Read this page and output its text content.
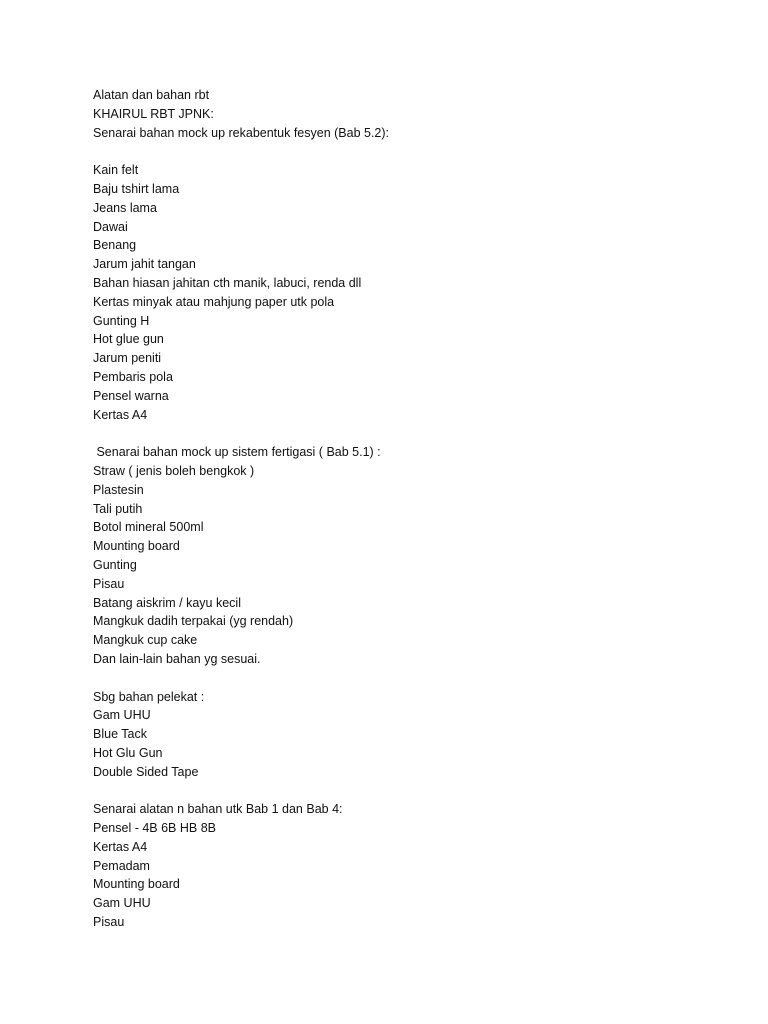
Alatan dan bahan rbt

KHAIRUL RBT JPNK:

Senarai bahan mock up rekabentuk fesyen (Bab 5.2):

Kain felt

Baju tshirt lama

Jeans lama

Dawai

Benang

Jarum jahit tangan

Bahan hiasan jahitan cth manik, labuci, renda dll

Kertas minyak atau mahjung paper utk pola

Gunting H

Hot glue gun

Jarum peniti

Pembaris pola

Pensel warna

Kertas A4

Senarai bahan mock up sistem fertigasi ( Bab 5.1) :

Straw ( jenis boleh bengkok )

Plastesin

Tali putih

Botol mineral 500ml

Mounting board

Gunting

Pisau

Batang aiskrim / kayu kecil

Mangkuk dadih terpakai (yg rendah)

Mangkuk cup cake

Dan lain-lain bahan yg sesuai.

Sbg bahan pelekat :

Gam UHU

Blue Tack

Hot Glu Gun

Double Sided Tape

Senarai alatan n bahan utk Bab 1 dan Bab 4:

Pensel - 4B 6B HB 8B

Kertas A4

Pemadam

Mounting board

Gam UHU

Pisau
